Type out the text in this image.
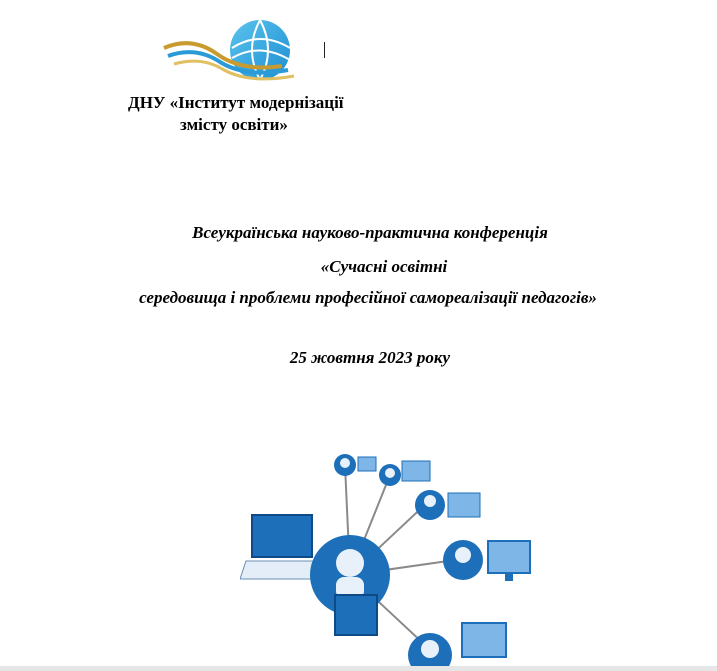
ДНУ «Інститут модернізації
змісту освіти»
Всеукраїнська науково-практична конференція
«Сучасні освітні
середовища і проблеми професійної самореалізації педагогів»
25 жовтня 2023 року
